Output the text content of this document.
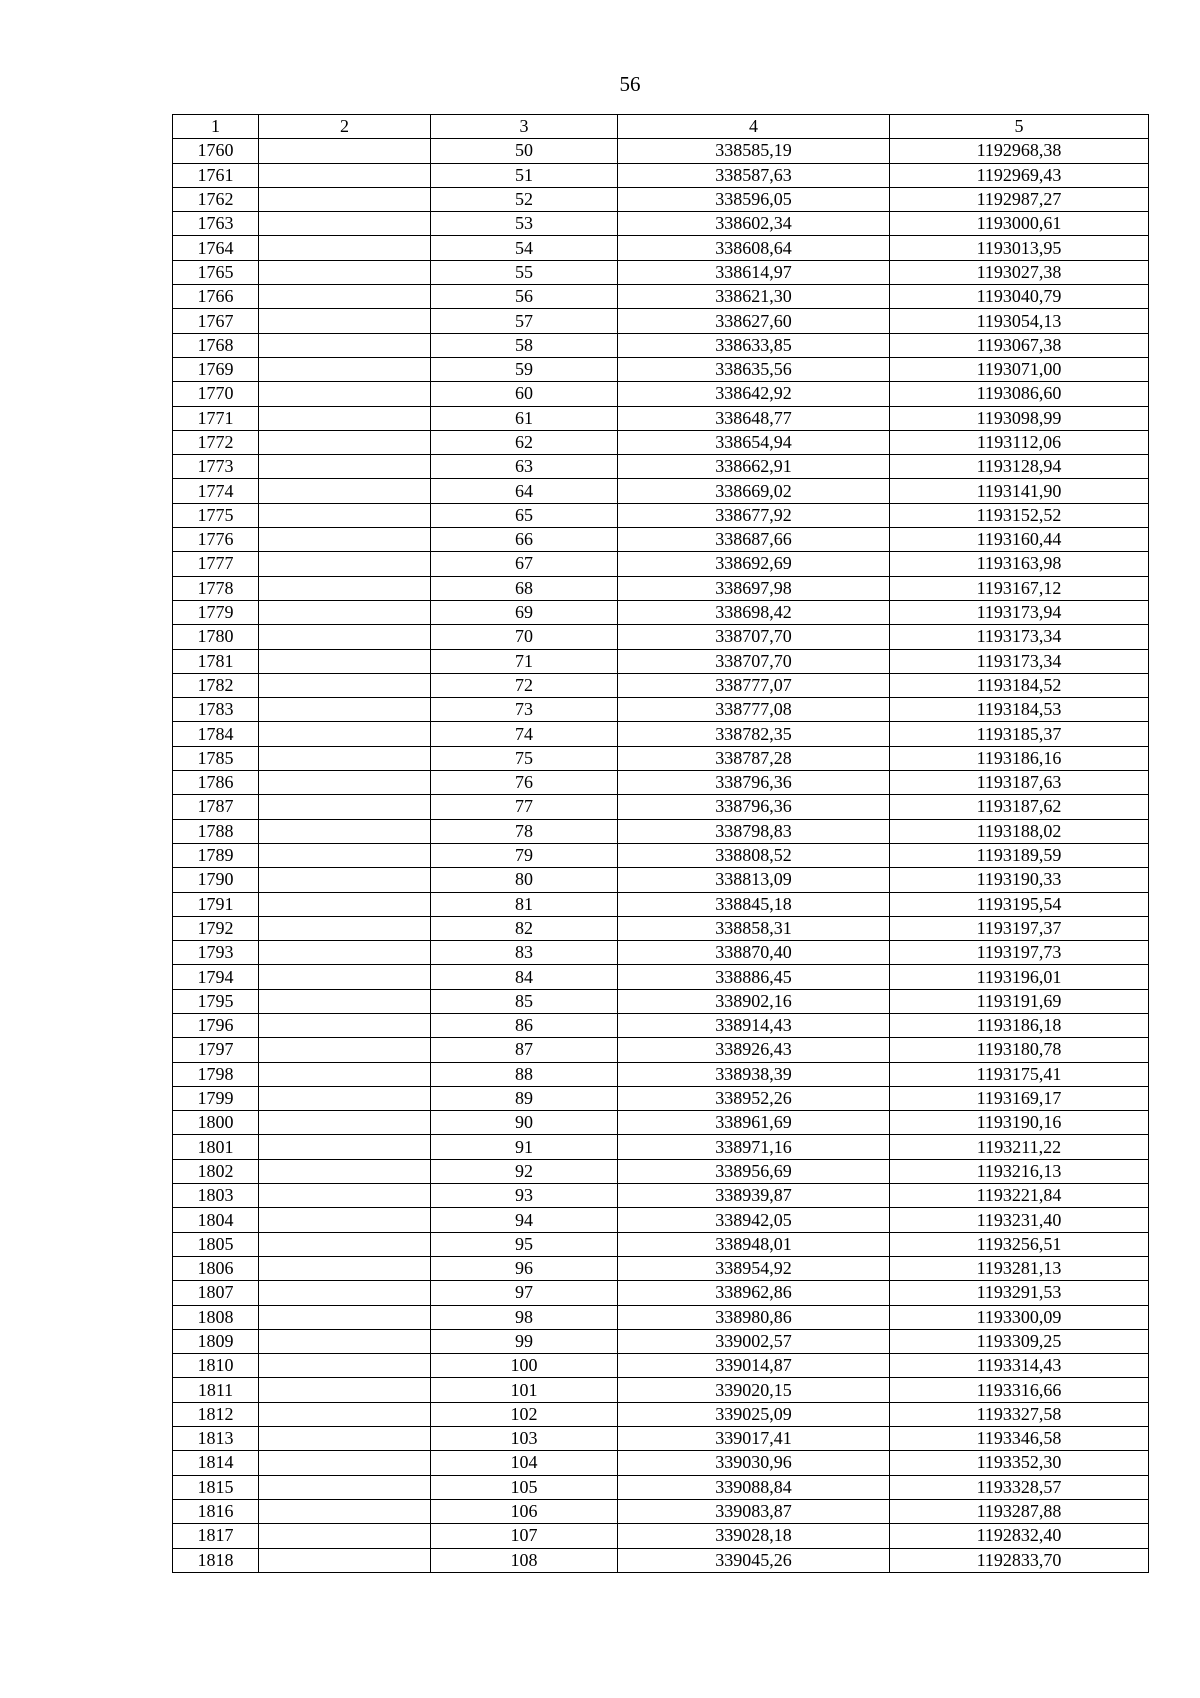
56
1	2	3	4	5
1760		50	338585,19	1192968,38
1761		51	338587,63	1192969,43
1762		52	338596,05	1192987,27
1763		53	338602,34	1193000,61
1764		54	338608,64	1193013,95
1765		55	338614,97	1193027,38
1766		56	338621,30	1193040,79
1767		57	338627,60	1193054,13
1768		58	338633,85	1193067,38
1769		59	338635,56	1193071,00
1770		60	338642,92	1193086,60
1771		61	338648,77	1193098,99
1772		62	338654,94	1193112,06
1773		63	338662,91	1193128,94
1774		64	338669,02	1193141,90
1775		65	338677,92	1193152,52
1776		66	338687,66	1193160,44
1777		67	338692,69	1193163,98
1778		68	338697,98	1193167,12
1779		69	338698,42	1193173,94
1780		70	338707,70	1193173,34
1781		71	338707,70	1193173,34
1782		72	338777,07	1193184,52
1783		73	338777,08	1193184,53
1784		74	338782,35	1193185,37
1785		75	338787,28	1193186,16
1786		76	338796,36	1193187,63
1787		77	338796,36	1193187,62
1788		78	338798,83	1193188,02
1789		79	338808,52	1193189,59
1790		80	338813,09	1193190,33
1791		81	338845,18	1193195,54
1792		82	338858,31	1193197,37
1793		83	338870,40	1193197,73
1794		84	338886,45	1193196,01
1795		85	338902,16	1193191,69
1796		86	338914,43	1193186,18
1797		87	338926,43	1193180,78
1798		88	338938,39	1193175,41
1799		89	338952,26	1193169,17
1800		90	338961,69	1193190,16
1801		91	338971,16	1193211,22
1802		92	338956,69	1193216,13
1803		93	338939,87	1193221,84
1804		94	338942,05	1193231,40
1805		95	338948,01	1193256,51
1806		96	338954,92	1193281,13
1807		97	338962,86	1193291,53
1808		98	338980,86	1193300,09
1809		99	339002,57	1193309,25
1810		100	339014,87	1193314,43
1811		101	339020,15	1193316,66
1812		102	339025,09	1193327,58
1813		103	339017,41	1193346,58
1814		104	339030,96	1193352,30
1815		105	339088,84	1193328,57
1816		106	339083,87	1193287,88
1817		107	339028,18	1192832,40
1818		108	339045,26	1192833,70
